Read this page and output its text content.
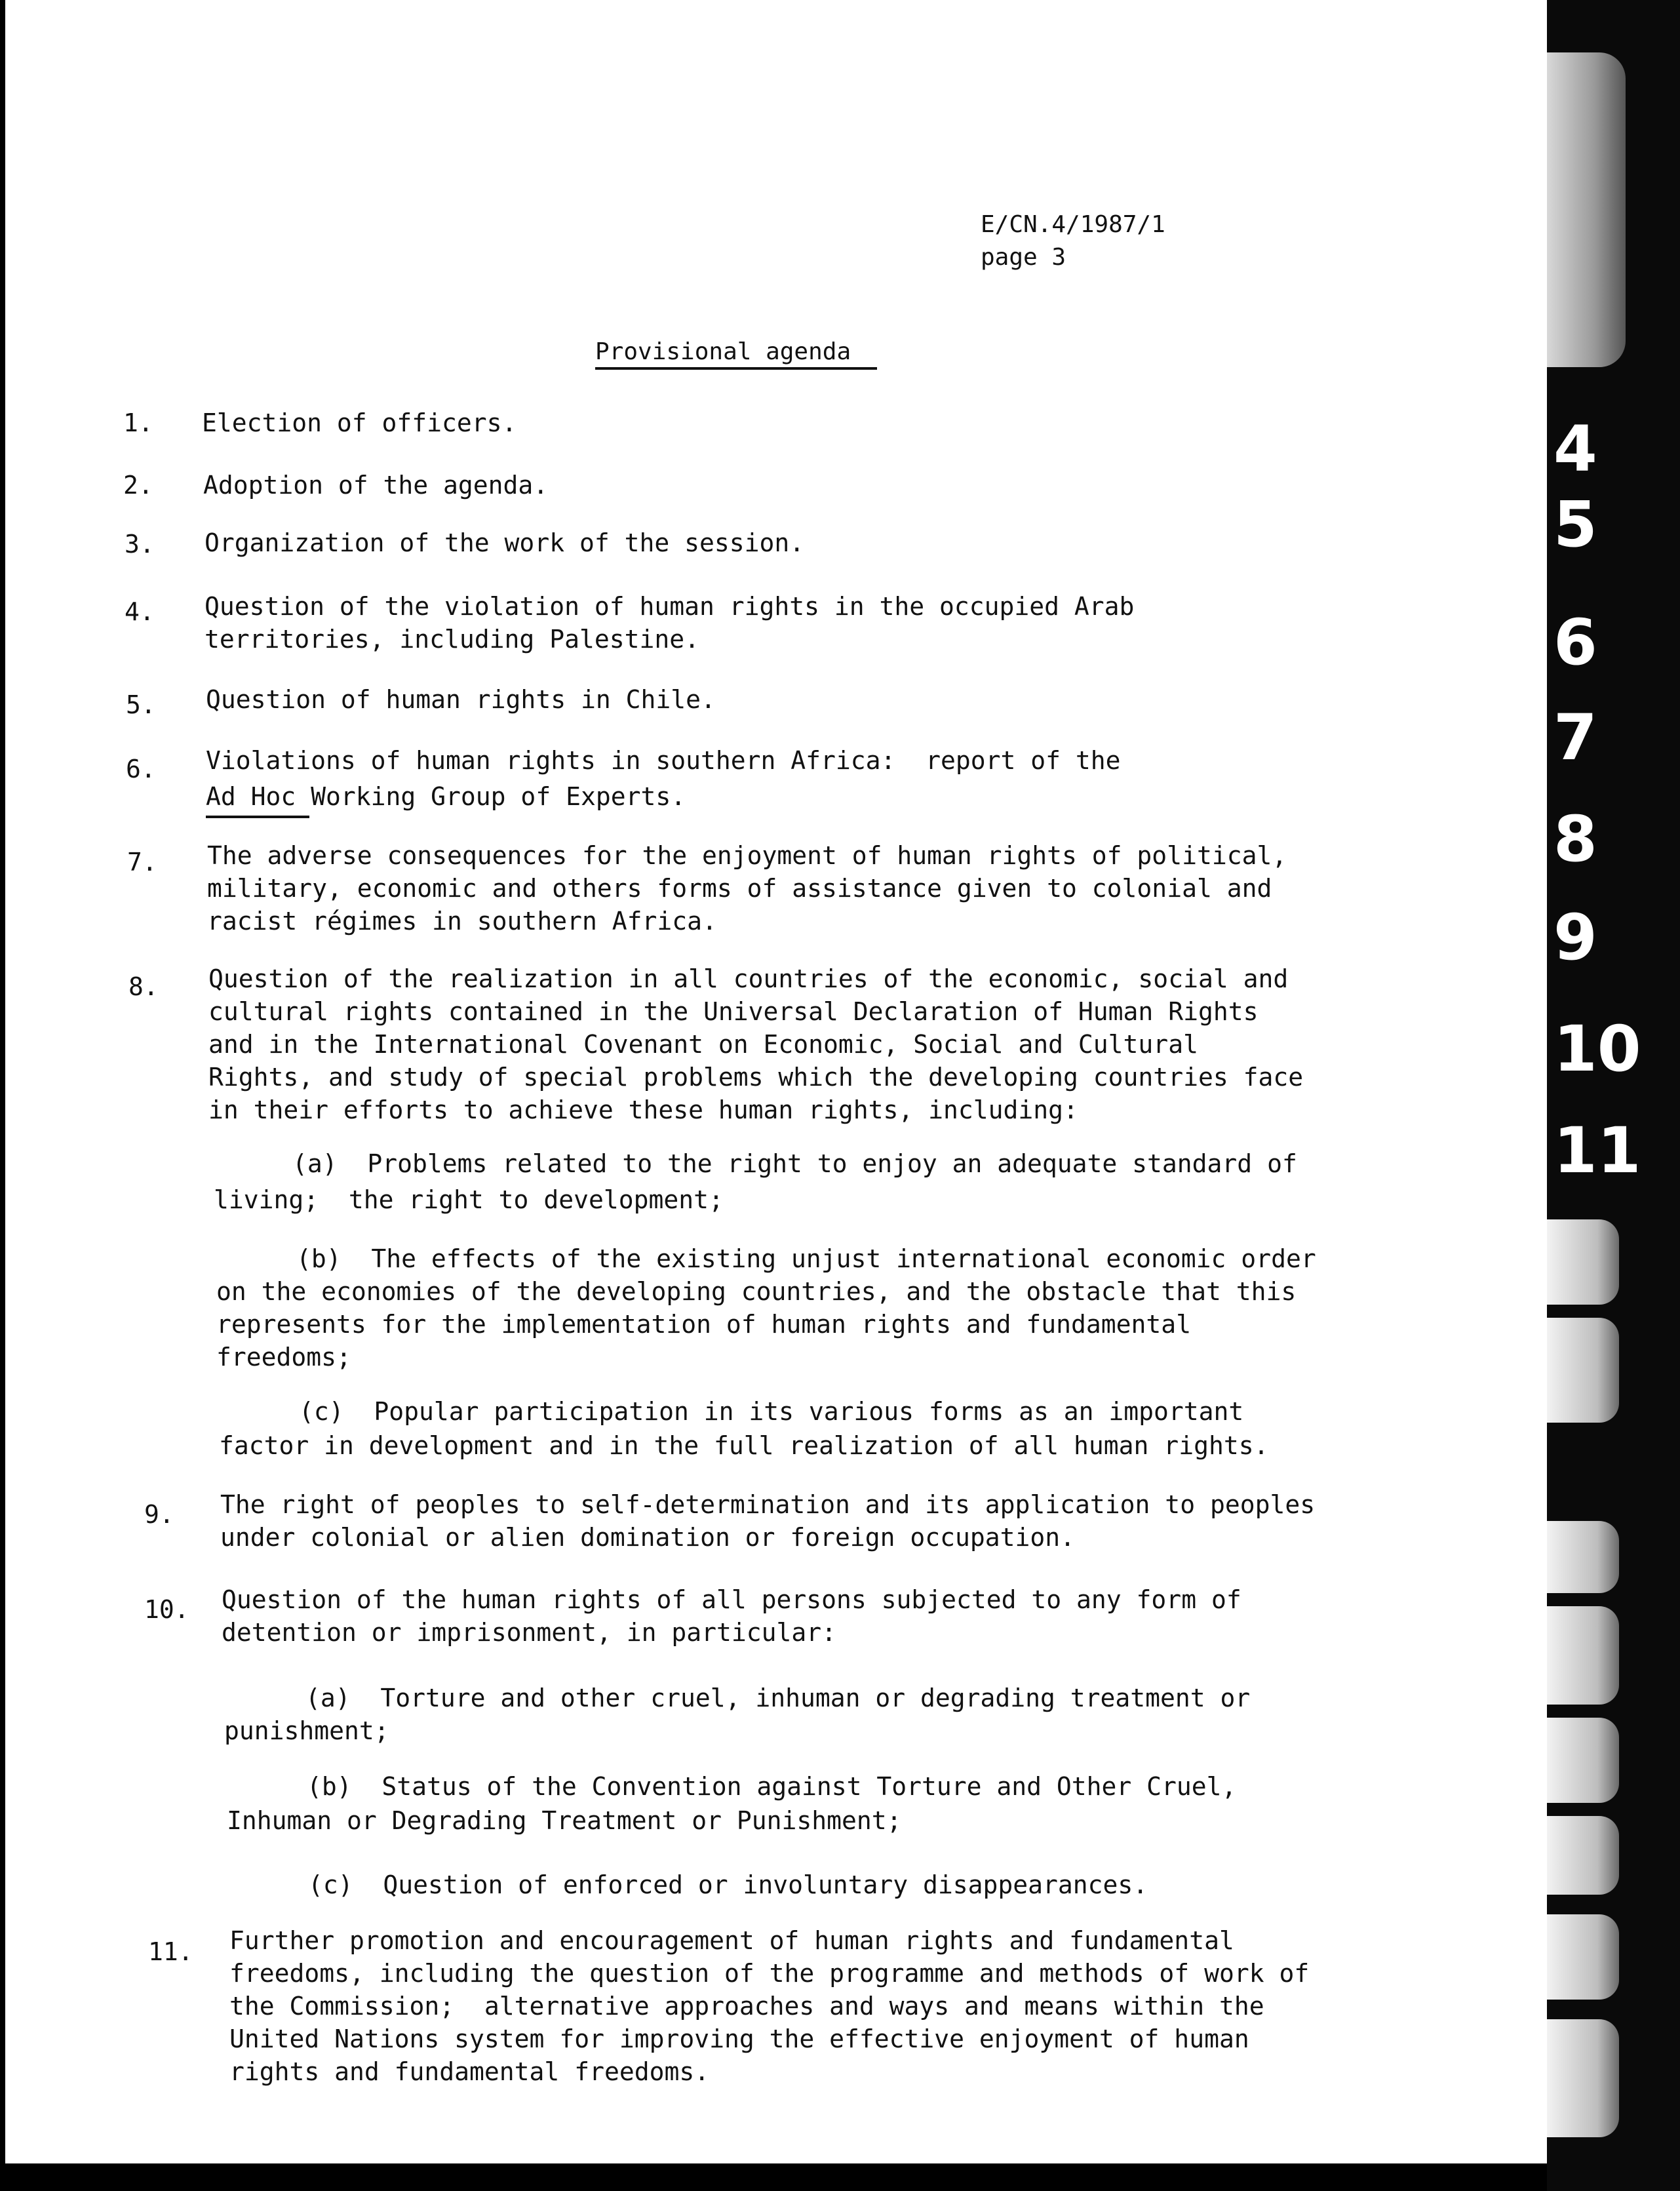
E/CN.4/1987/1
page 3
Provisional agenda
1. Election of officers.
2. Adoption of the agenda.
3. Organization of the work of the session.
4. Question of the violation of human rights in the occupied Arab
territories, including Palestine.
5. Question of human rights in Chile.
6. Violations of human rights in southern Africa:  report of the
Ad Hoc Working Group of Experts.
7. The adverse consequences for the enjoyment of human rights of political,
military, economic and others forms of assistance given to colonial and
racist régimes in southern Africa.
8. Question of the realization in all countries of the economic, social and
cultural rights contained in the Universal Declaration of Human Rights
and in the International Covenant on Economic, Social and Cultural
Rights, and study of special problems which the developing countries face
in their efforts to achieve these human rights, including:
(a)  Problems related to the right to enjoy an adequate standard of
living;  the right to development;
(b)  The effects of the existing unjust international economic order
on the economies of the developing countries, and the obstacle that this
represents for the implementation of human rights and fundamental
freedoms;
(c)  Popular participation in its various forms as an important
factor in development and in the full realization of all human rights.
9. The right of peoples to self-determination and its application to peoples
under colonial or alien domination or foreign occupation.
10. Question of the human rights of all persons subjected to any form of
detention or imprisonment, in particular:
(a)  Torture and other cruel, inhuman or degrading treatment or
punishment;
(b)  Status of the Convention against Torture and Other Cruel,
Inhuman or Degrading Treatment or Punishment;
(c)  Question of enforced or involuntary disappearances.
11. Further promotion and encouragement of human rights and fundamental
freedoms, including the question of the programme and methods of work of
the Commission;  alternative approaches and ways and means within the
United Nations system for improving the effective enjoyment of human
rights and fundamental freedoms.
4
5
6
7
8
9
10
11
